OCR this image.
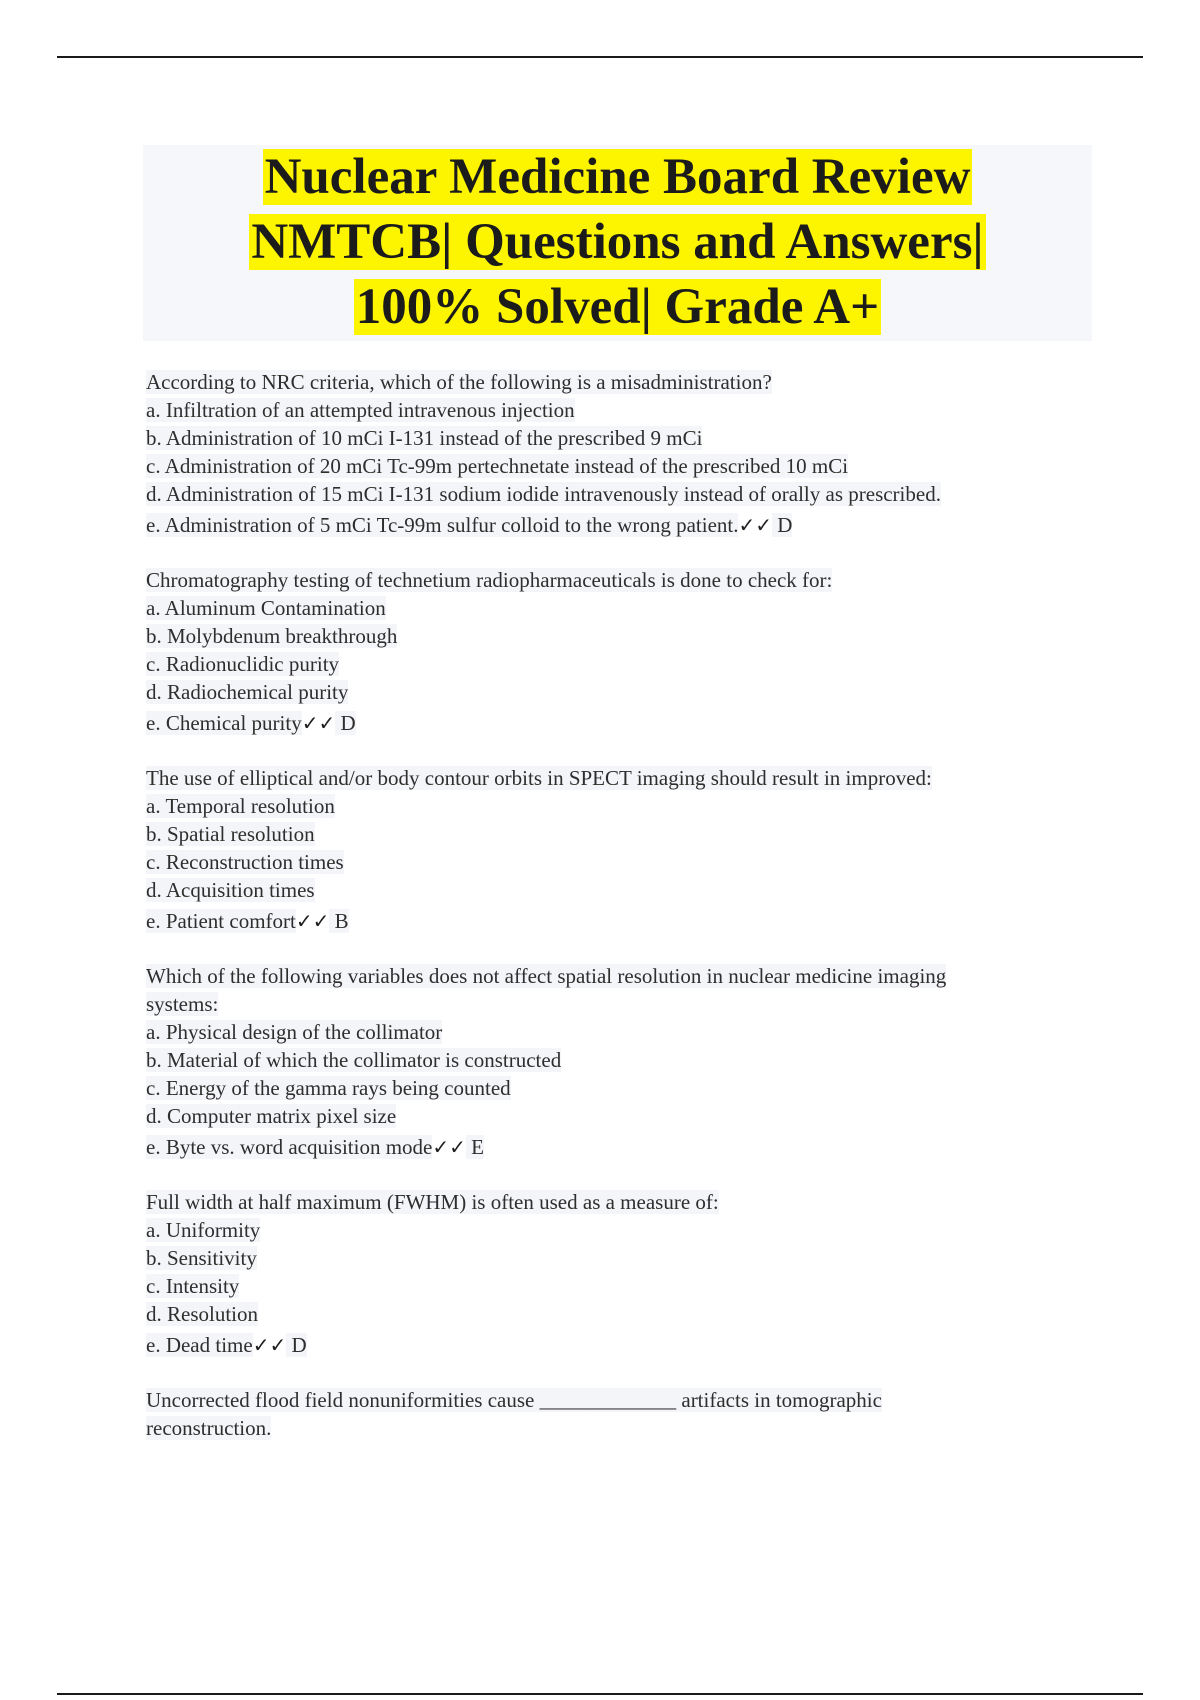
Nuclear Medicine Board Review
NMTCB| Questions and Answers|
100% Solved| Grade A+
According to NRC criteria, which of the following is a misadministration?
a. Infiltration of an attempted intravenous injection
b. Administration of 10 mCi I-131 instead of the prescribed 9 mCi
c. Administration of 20 mCi Tc-99m pertechnetate instead of the prescribed 10 mCi
d. Administration of 15 mCi I-131 sodium iodide intravenously instead of orally as prescribed.
e. Administration of 5 mCi Tc-99m sulfur colloid to the wrong patient.✓✓ D
Chromatography testing of technetium radiopharmaceuticals is done to check for:
a. Aluminum Contamination
b. Molybdenum breakthrough
c. Radionuclidic purity
d. Radiochemical purity
e. Chemical purity✓✓ D
The use of elliptical and/or body contour orbits in SPECT imaging should result in improved:
a. Temporal resolution
b. Spatial resolution
c. Reconstruction times
d. Acquisition times
e. Patient comfort✓✓ B
Which of the following variables does not affect spatial resolution in nuclear medicine imaging
systems:
a. Physical design of the collimator
b. Material of which the collimator is constructed
c. Energy of the gamma rays being counted
d. Computer matrix pixel size
e. Byte vs. word acquisition mode✓✓ E
Full width at half maximum (FWHM) is often used as a measure of:
a. Uniformity
b. Sensitivity
c. Intensity
d. Resolution
e. Dead time✓✓ D
Uncorrected flood field nonuniformities cause _____________ artifacts in tomographic
reconstruction.
